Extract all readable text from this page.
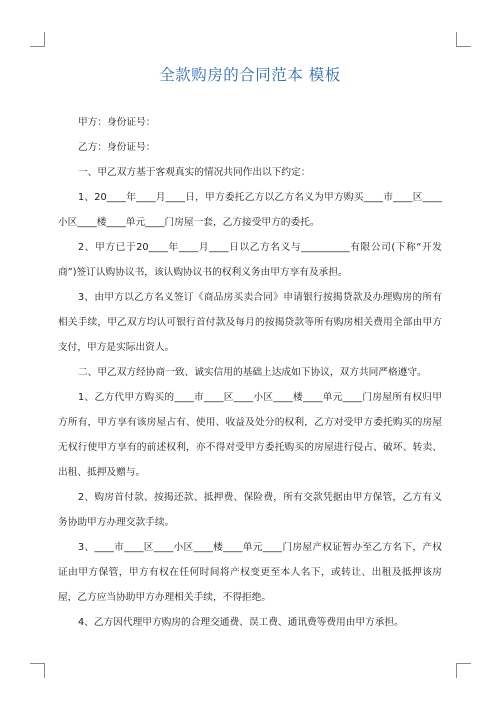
全款购房的合同范本 模板

甲方：身份证号：

乙方：身份证号：

一、甲乙双方基于客观真实的情况共同作出以下约定：

1、20____年____月____日，甲方委托乙方以乙方名义为甲方购买____市____区____小区____楼____单元____门房屋一套，乙方接受甲方的委托。

2、甲方已于20____年____月____日以乙方名义与__________有限公司(下称“开发商”)签订认购协议书，该认购协议书的权利义务由甲方享有及承担。

3、由甲方以乙方名义签订《商品房买卖合同》申请银行按揭贷款及办理购房的所有相关手续，甲乙双方均认可银行首付款及每月的按揭贷款等所有购房相关费用全部由甲方支付，甲方是实际出资人。

二、甲乙双方经协商一致、诚实信用的基础上达成如下协议，双方共同严格遵守。

1、乙方代甲方购买的____市____区____小区____楼____单元____门房屋所有权归甲方所有，甲方享有该房屋占有、使用、收益及处分的权利，乙方对受甲方委托购买的房屋无权行使甲方享有的前述权利，亦不得对受甲方委托购买的房屋进行侵占、破坏、转卖、出租、抵押及赠与。

2、购房首付款、按揭还款、抵押费、保险费，所有交款凭据由甲方保管，乙方有义务协助甲方办理交款手续。

3、____市____区____小区____楼____单元____门房屋产权证暂办至乙方名下，产权证由甲方保管，甲方有权在任何时间将产权变更至本人名下，或转让、出租及抵押该房屋，乙方应当协助甲方办理相关手续，不得拒绝。

4、乙方因代理甲方购房的合理交通费、误工费、通讯费等费用由甲方承担。
